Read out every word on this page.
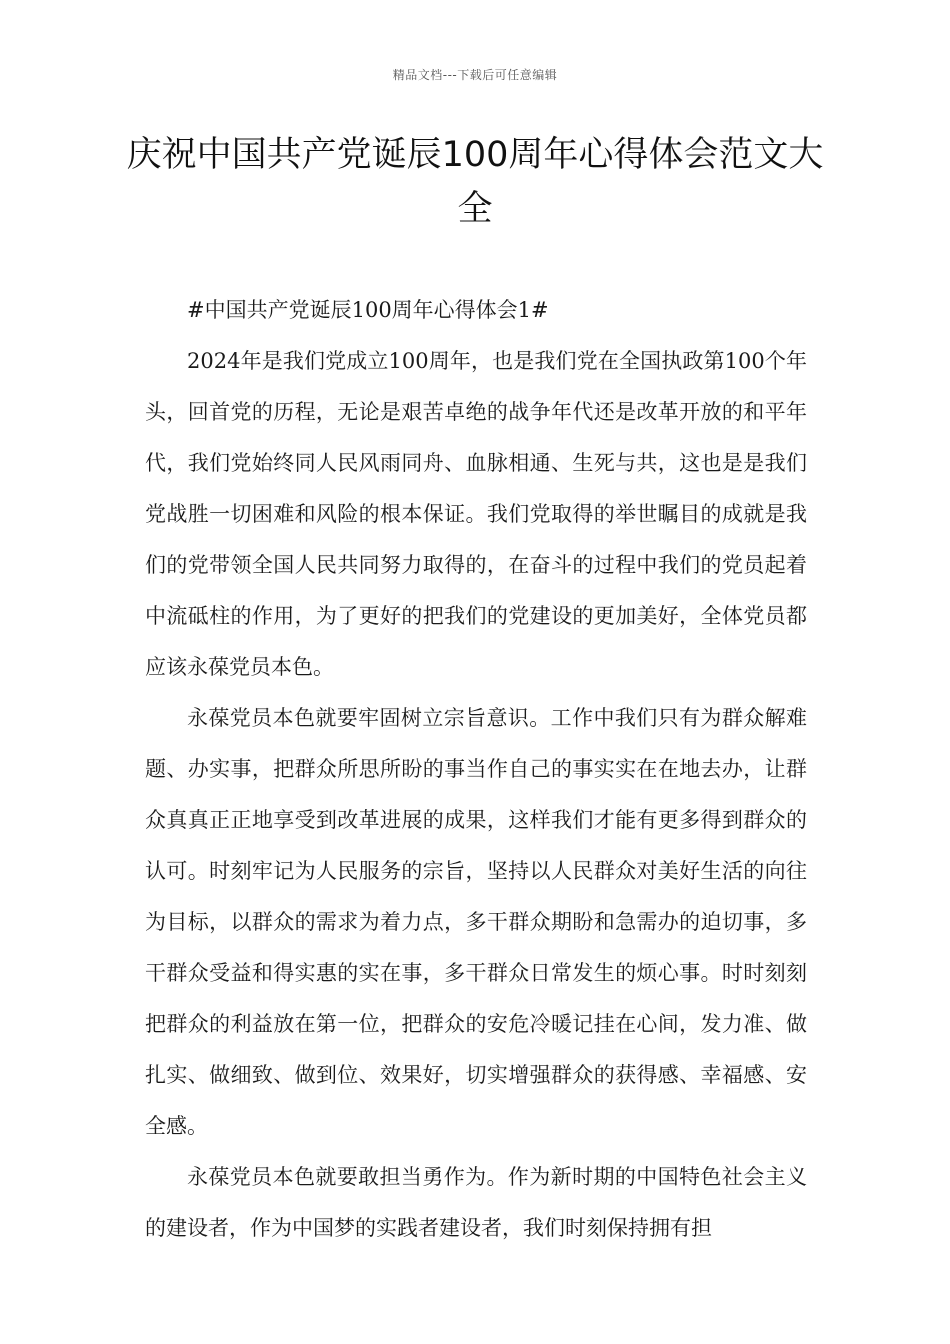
精品文档---下载后可任意编辑
庆祝中国共产党诞辰100周年心得体会范文大全

#中国共产党诞辰100周年心得体会1#

2024年是我们党成立100周年，也是我们党在全国执政第100个年头，回首党的历程，无论是艰苦卓绝的战争年代还是改革开放的和平年代，我们党始终同人民风雨同舟、血脉相通、生死与共，这也是是我们党战胜一切困难和风险的根本保证。我们党取得的举世瞩目的成就是我们的党带领全国人民共同努力取得的，在奋斗的过程中我们的党员起着中流砥柱的作用，为了更好的把我们的党建设的更加美好，全体党员都应该永葆党员本色。

永葆党员本色就要牢固树立宗旨意识。工作中我们只有为群众解难题、办实事，把群众所思所盼的事当作自己的事实实在在地去办，让群众真真正正地享受到改革进展的成果，这样我们才能有更多得到群众的认可。时刻牢记为人民服务的宗旨，坚持以人民群众对美好生活的向往为目标，以群众的需求为着力点，多干群众期盼和急需办的迫切事，多干群众受益和得实惠的实在事，多干群众日常发生的烦心事。时时刻刻把群众的利益放在第一位，把群众的安危冷暖记挂在心间，发力准、做扎实、做细致、做到位、效果好，切实增强群众的获得感、幸福感、安全感。

永葆党员本色就要敢担当勇作为。作为新时期的中国特色社会主义的建设者，作为中国梦的实践者建设者，我们时刻保持拥有担
